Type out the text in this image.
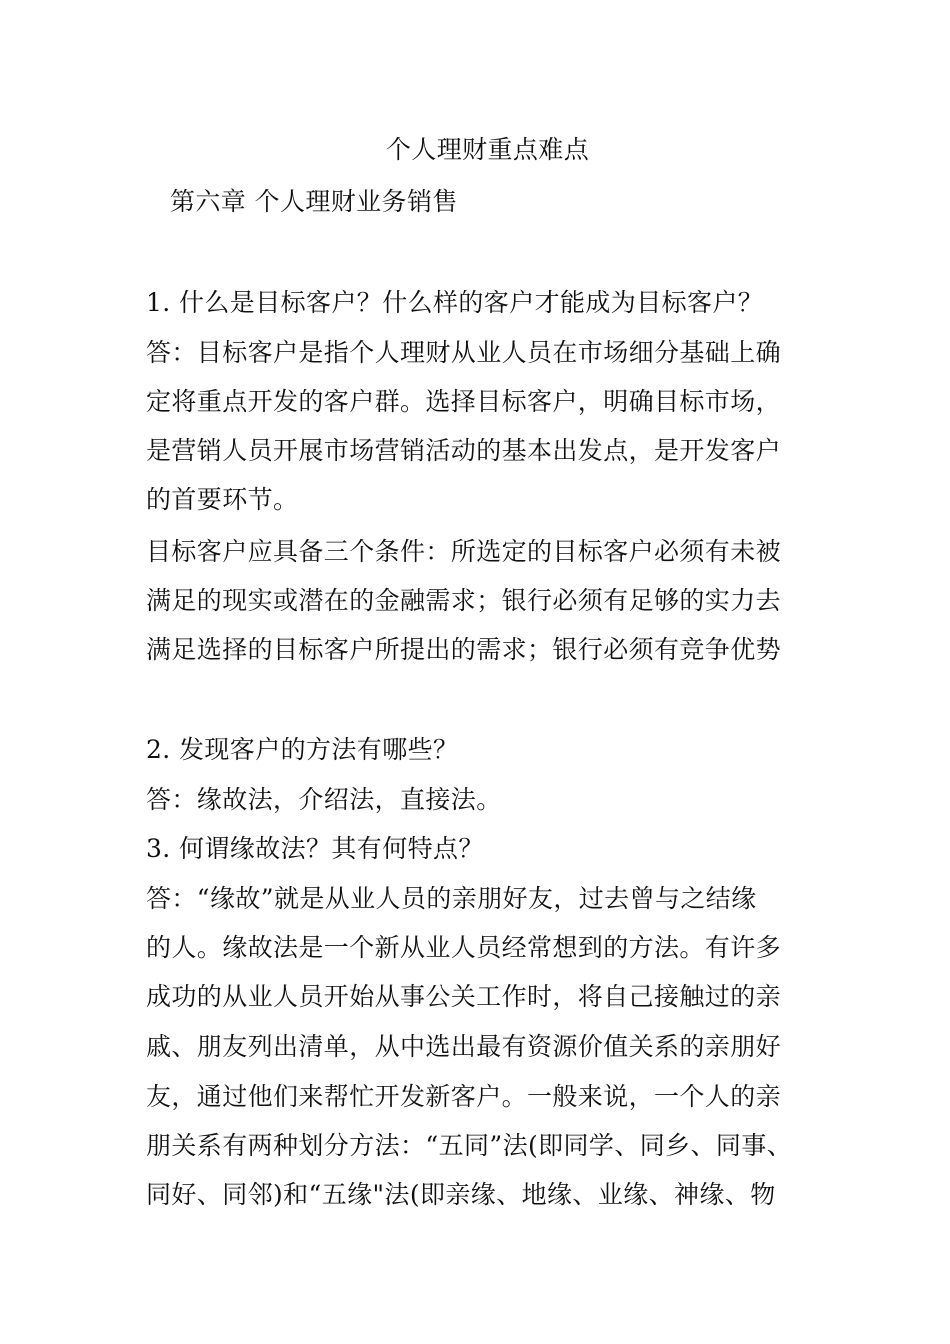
个人理财重点难点
第六章 个人理财业务销售
1. 什么是目标客户？什么样的客户才能成为目标客户？
答：目标客户是指个人理财从业人员在市场细分基础上确
定将重点开发的客户群。选择目标客户，明确目标市场，
是营销人员开展市场营销活动的基本出发点，是开发客户
的首要环节。
目标客户应具备三个条件：所选定的目标客户必须有未被
满足的现实或潜在的金融需求；银行必须有足够的实力去
满足选择的目标客户所提出的需求；银行必须有竞争优势
2. 发现客户的方法有哪些？
答：缘故法，介绍法，直接法。
3. 何谓缘故法？其有何特点？
答：“缘故”就是从业人员的亲朋好友，过去曾与之结缘
的人。缘故法是一个新从业人员经常想到的方法。有许多
成功的从业人员开始从事公关工作时，将自己接触过的亲
戚、朋友列出清单，从中选出最有资源价值关系的亲朋好
友，通过他们来帮忙开发新客户。一般来说，一个人的亲
朋关系有两种划分方法：“五同”法(即同学、同乡、同事、
同好、同邻)和“五缘"法(即亲缘、地缘、业缘、神缘、物
